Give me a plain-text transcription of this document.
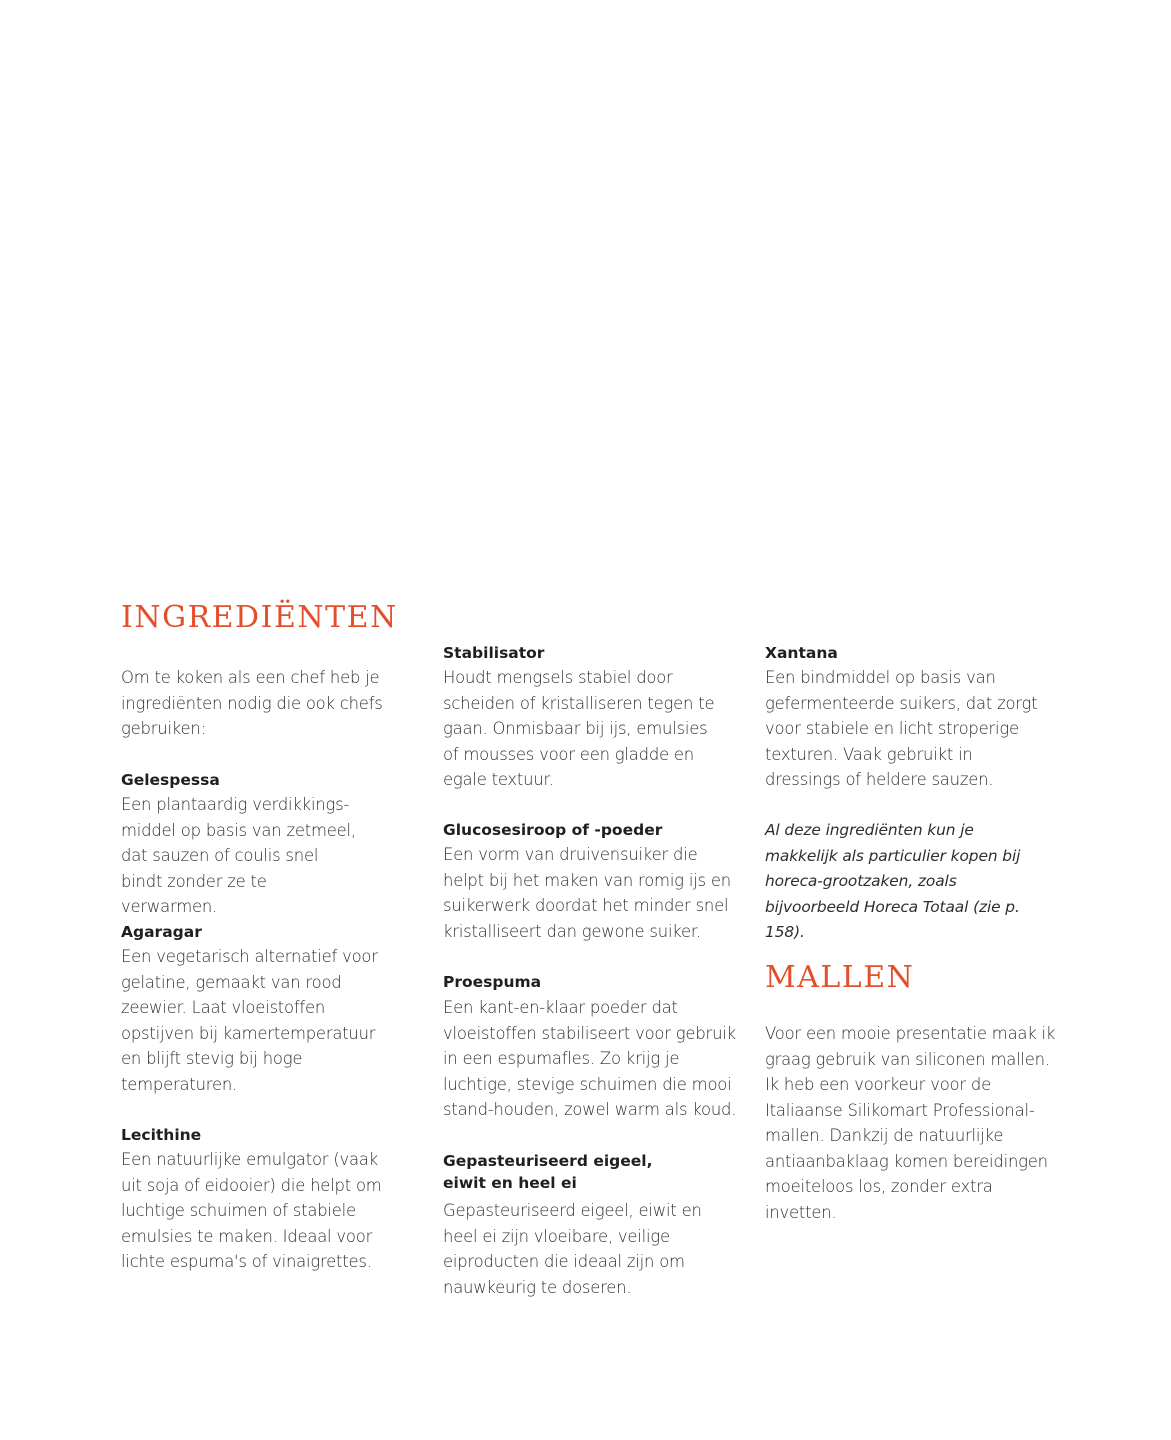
INGREDIËNTEN

Om te koken als een chef heb je ingrediënten nodig die ook chefs gebruiken:

Gelespessa

Een plantaardig verdikkings-middel op basis van zetmeel, dat sauzen of coulis snel bindt zonder ze te verwarmen.

Agaragar

Een vegetarisch alternatief voor gelatine, gemaakt van rood zeewier. Laat vloeistoffen opstijven bij kamertemperatuur en blijft stevig bij hoge temperaturen.

Lecithine

Een natuurlijke emulgator (vaak uit soja of eidooier) die helpt om luchtige schuimen of stabiele emulsies te maken. Ideaal voor lichte espuma's of vinaigrettes.

Stabilisator

Houdt mengsels stabiel door scheiden of kristalliseren tegen te gaan. Onmisbaar bij ijs, emulsies of mousses voor een gladde en egale textuur.

Glucosesiroop of -poeder

Een vorm van druivensuiker die helpt bij het maken van romig ijs en suikerwerk doordat het minder snel kristalliseert dan gewone suiker.

Proespuma

Een kant-en-klaar poeder dat vloeistoffen stabiliseert voor gebruik in een espumafles. Zo krijg je luchtige, stevige schuimen die mooi stand-houden, zowel warm als koud.

Gepasteuriseerd eigeel, eiwit en heel ei

Gepasteuriseerd eigeel, eiwit en heel ei zijn vloeibare, veilige eiproducten die ideaal zijn om nauwkeurig te doseren.

Xantana

Een bindmiddel op basis van gefermenteerde suikers, dat zorgt voor stabiele en licht stroperige texturen. Vaak gebruikt in dressings of heldere sauzen.

Al deze ingrediënten kun je makkelijk als particulier kopen bij horeca-grootzaken, zoals bijvoorbeeld Horeca Totaal (zie p. 158).

MALLEN

Voor een mooie presentatie maak ik graag gebruik van siliconen mallen. Ik heb een voorkeur voor de Italiaanse Silikomart Professional-mallen. Dankzij de natuurlijke antiaanbaklaag komen bereidingen moeiteloos los, zonder extra invetten.
